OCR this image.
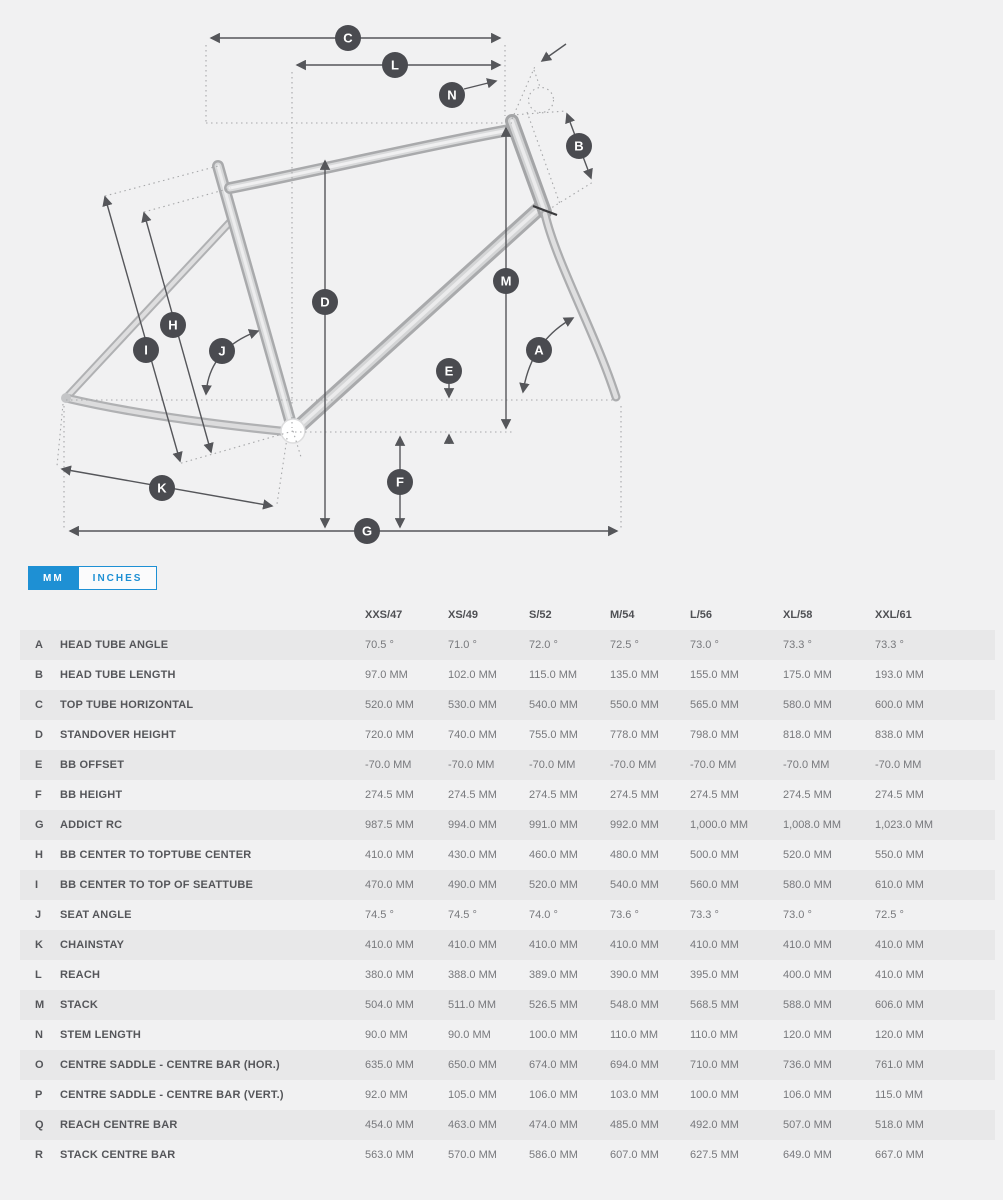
C
L
N
B
M
D
H
I	J
E
A
K	F
G
MM	INCHES
XXS/47	XS/49	S/52	M/54	L/56	XL/58	XXL/61
A	HEAD TUBE ANGLE	70.5 °	71.0 °	72.0 °	72.5 °	73.0 °	73.3 °	73.3 °
B	HEAD TUBE LENGTH	97.0 MM	102.0 MM	115.0 MM	135.0 MM	155.0 MM	175.0 MM	193.0 MM
C	TOP TUBE HORIZONTAL	520.0 MM	530.0 MM	540.0 MM	550.0 MM	565.0 MM	580.0 MM	600.0 MM
D	STANDOVER HEIGHT	720.0 MM	740.0 MM	755.0 MM	778.0 MM	798.0 MM	818.0 MM	838.0 MM
E	BB OFFSET	-70.0 MM	-70.0 MM	-70.0 MM	-70.0 MM	-70.0 MM	-70.0 MM	-70.0 MM
F	BB HEIGHT	274.5 MM	274.5 MM	274.5 MM	274.5 MM	274.5 MM	274.5 MM	274.5 MM
G	ADDICT RC	987.5 MM	994.0 MM	991.0 MM	992.0 MM	1,000.0 MM	1,008.0 MM	1,023.0 MM
H	BB CENTER TO TOPTUBE CENTER	410.0 MM	430.0 MM	460.0 MM	480.0 MM	500.0 MM	520.0 MM	550.0 MM
I	BB CENTER TO TOP OF SEATTUBE	470.0 MM	490.0 MM	520.0 MM	540.0 MM	560.0 MM	580.0 MM	610.0 MM
J	SEAT ANGLE	74.5 °	74.5 °	74.0 °	73.6 °	73.3 °	73.0 °	72.5 °
K	CHAINSTAY	410.0 MM	410.0 MM	410.0 MM	410.0 MM	410.0 MM	410.0 MM	410.0 MM
L	REACH	380.0 MM	388.0 MM	389.0 MM	390.0 MM	395.0 MM	400.0 MM	410.0 MM
M	STACK	504.0 MM	511.0 MM	526.5 MM	548.0 MM	568.5 MM	588.0 MM	606.0 MM
N	STEM LENGTH	90.0 MM	90.0 MM	100.0 MM	110.0 MM	110.0 MM	120.0 MM	120.0 MM
O	CENTRE SADDLE - CENTRE BAR (HOR.)	635.0 MM	650.0 MM	674.0 MM	694.0 MM	710.0 MM	736.0 MM	761.0 MM
P	CENTRE SADDLE - CENTRE BAR (VERT.)	92.0 MM	105.0 MM	106.0 MM	103.0 MM	100.0 MM	106.0 MM	115.0 MM
Q	REACH CENTRE BAR	454.0 MM	463.0 MM	474.0 MM	485.0 MM	492.0 MM	507.0 MM	518.0 MM
R	STACK CENTRE BAR	563.0 MM	570.0 MM	586.0 MM	607.0 MM	627.5 MM	649.0 MM	667.0 MM
